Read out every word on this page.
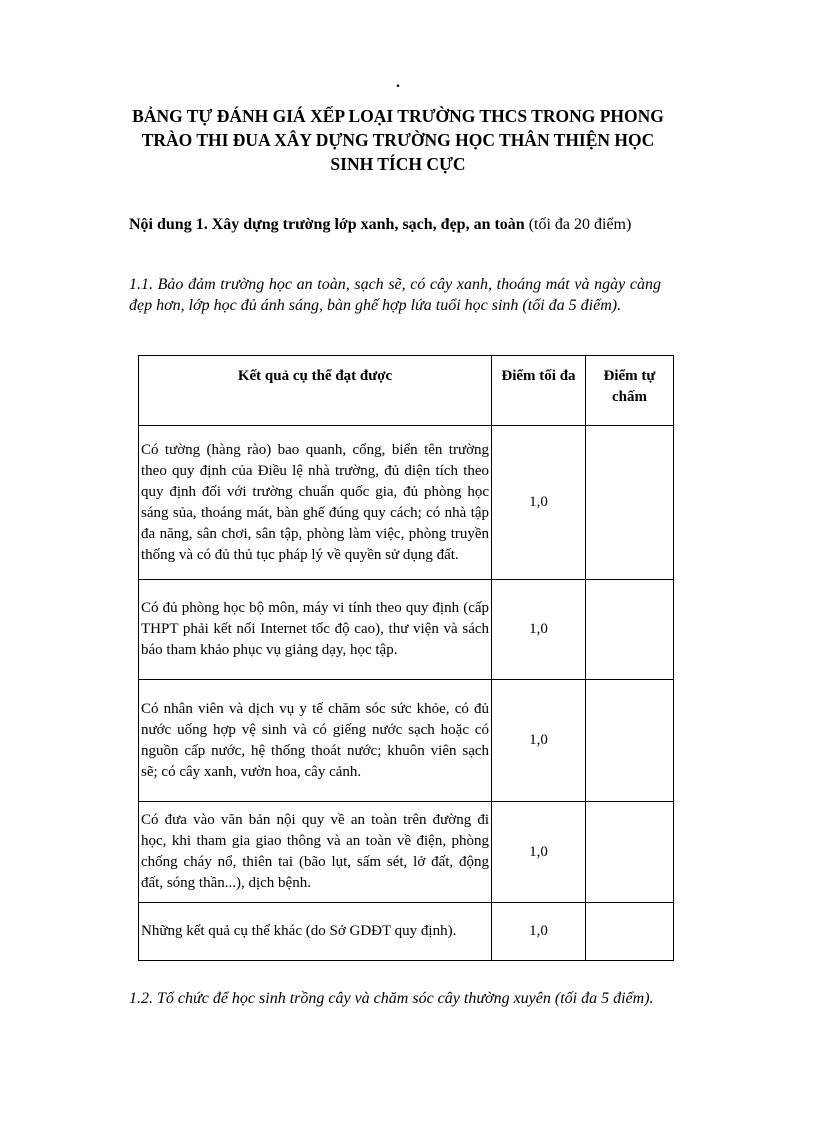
.
BẢNG TỰ ĐÁNH GIÁ XẾP LOẠI TRƯỜNG THCS TRONG PHONG TRÀO THI ĐUA XÂY DỰNG TRƯỜNG HỌC THÂN THIỆN HỌC SINH TÍCH CỰC

Nội dung 1. Xây dựng trường lớp xanh, sạch, đẹp, an toàn (tối đa 20 điểm)

1.1. Bảo đảm trường học an toàn, sạch sẽ, có cây xanh, thoáng mát và ngày càng đẹp hơn, lớp học đủ ánh sáng, bàn ghế hợp lứa tuổi học sinh (tối đa 5 điểm).

Kết quả cụ thể đạt được	Điểm tối đa	Điểm tự chấm
Có tường (hàng rào) bao quanh, cổng, biển tên trường theo quy định của Điều lệ nhà trường, đủ diện tích theo quy định đối với trường chuẩn quốc gia, đủ phòng học sáng sủa, thoáng mát, bàn ghế đúng quy cách; có nhà tập đa năng, sân chơi, sân tập, phòng làm việc, phòng truyền thống và có đủ thủ tục pháp lý về quyền sử dụng đất.	1,0	
Có đủ phòng học bộ môn, máy vi tính theo quy định (cấp THPT phải kết nối Internet tốc độ cao), thư viện và sách báo tham khảo phục vụ giảng dạy, học tập.	1,0	
Có nhân viên và dịch vụ y tế chăm sóc sức khỏe, có đủ nước uống hợp vệ sinh và có giếng nước sạch hoặc có nguồn cấp nước, hệ thống thoát nước; khuôn viên sạch sẽ; có cây xanh, vườn hoa, cây cảnh.	1,0	
Có đưa vào văn bản nội quy về an toàn trên đường đi học, khi tham gia giao thông và an toàn về điện, phòng chống cháy nổ, thiên tai (bão lụt, sấm sét, lở đất, động đất, sóng thần...), dịch bệnh.	1,0	
Những kết quả cụ thể khác (do Sở GDĐT quy định).	1,0	

1.2. Tổ chức để học sinh trồng cây và chăm sóc cây thường xuyên (tối đa 5 điểm).
